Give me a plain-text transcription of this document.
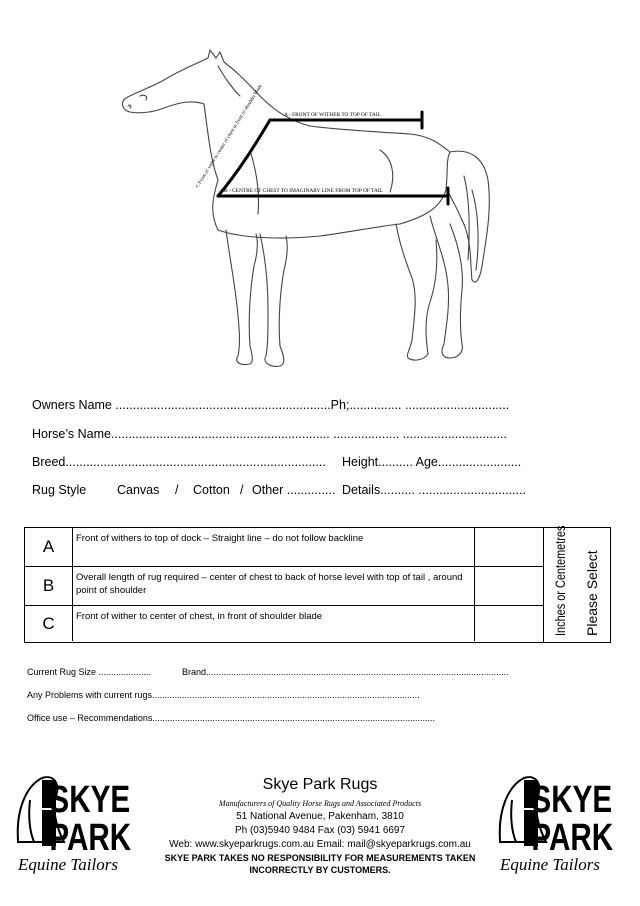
A - FRONT OF WITHER TO TOP OF TAIL
B - CENTRE OF CHEST TO IMAGINARY LINE FROM TOP OF TAIL
C Front of withe to center of chest in front of shoulder blade
Owners Name ..............................................................Ph;............... ..............................
Horse’s Name............................................................... ................... ..............................
Breed........................................................................... Height.......... Age........................
Rug Style Canvas / Cotton / Other .............. Details.......... ...............................
A	Front of withers to top of dock – Straight line – do not follow backline
B	Overall length of rug required – center of chest to back of horse level with top of tail , around point of shoulder
C	Front of wither to center of chest, in front of shoulder blade	Inches or Centemetres Please Select
Current Rug Size .....................	Brand.........................................................................................................................
Any Problems with current rugs...........................................................................................................
Office use – Recommendations.................................................................................................................
SKYE
PARK
Equine Tailors
Skye Park Rugs
Manufacturers of Quality Horse Rugs and Associated Products
51 National Avenue, Pakenham, 3810
Ph (03)5940 9484 Fax (03) 5941 6697
Web: www.skyeparkrugs.com.au Email: mail@skyeparkrugs.com.au
SKYE PARK TAKES NO RESPONSIBILITY FOR MEASUREMENTS TAKEN
INCORRECTLY BY CUSTOMERS.
SKYE
PARK
Equine Tailors
